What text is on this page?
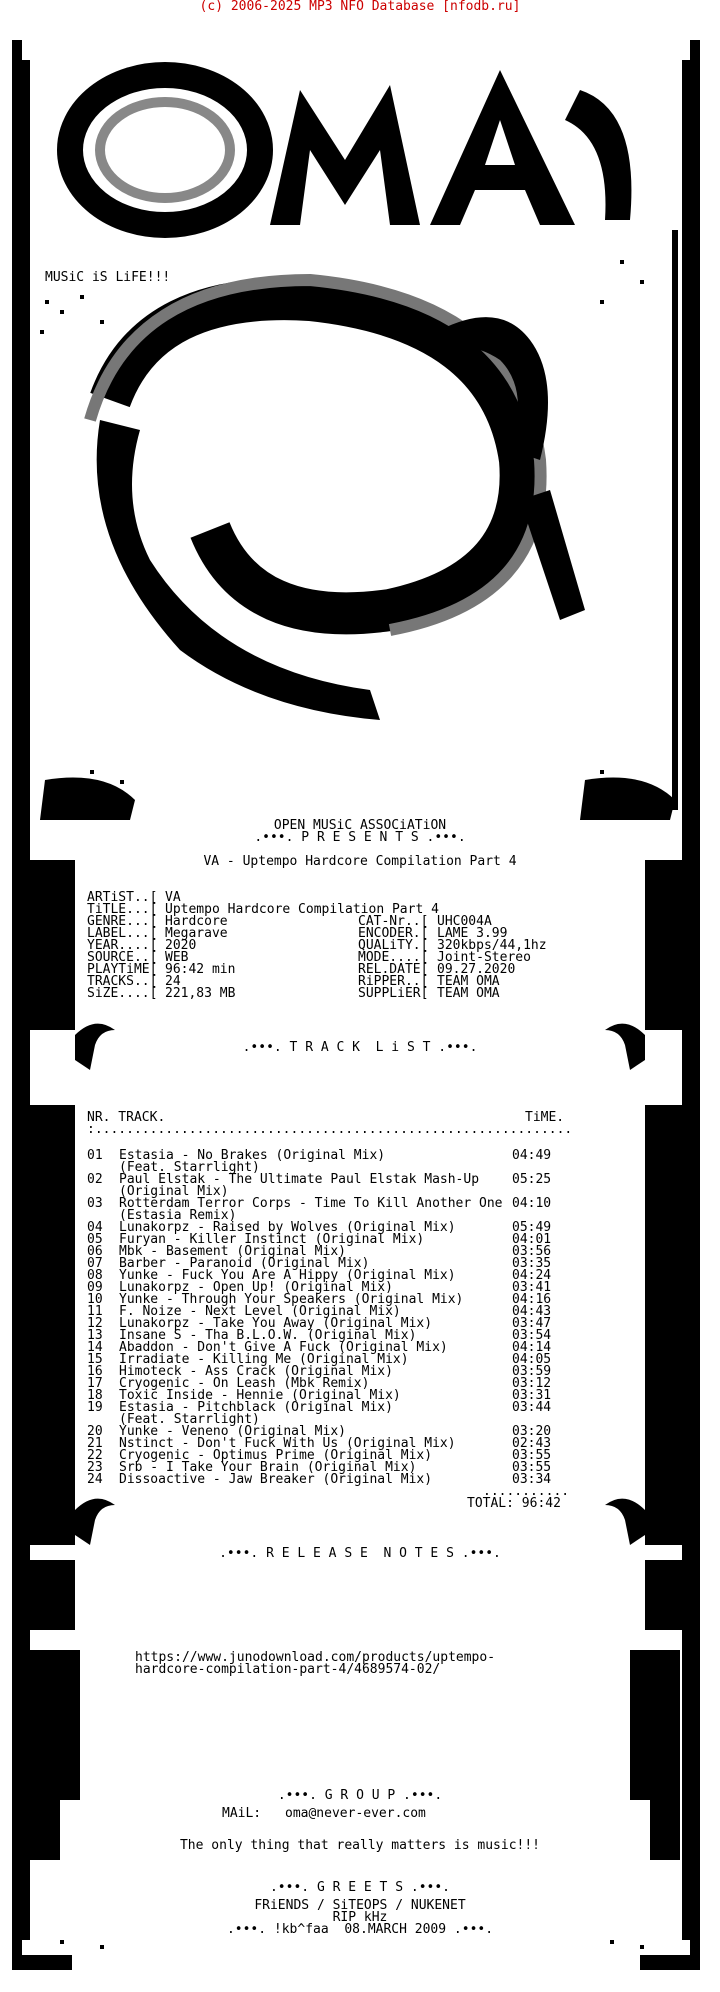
(c) 2006-2025 MP3 NFO Database [nfodb.ru]
MUSiC iS LiFE!!!
OPEN MUSiC ASSOCiATiON
.•••. P R E S E N T S .•••.
VA - Uptempo Hardcore Compilation Part 4
ARTiST..[ VA
TiTLE...[ Uptempo Hardcore Compilation Part 4
GENRE...[ Hardcore	CAT-Nr..[ UHC004A
LABEL...[ Megarave	ENCODER.[ LAME 3.99
YEAR....[ 2020	QUALiTY.[ 320kbps/44,1hz
SOURCE..[ WEB	MODE....[ Joint-Stereo
PLAYTiME[ 96:42 min	REL.DATE[ 09.27.2020
TRACKS..[ 24	RiPPER..[ TEAM OMA
SiZE....[ 221,83 MB	SUPPLiER[ TEAM OMA
.•••. T R A C K  L i S T .•••.
NR. TRACK.	TiME.
:.............................................................
01 Estasia - No Brakes (Original Mix)	04:49
(Feat. Starrlight)
02 Paul Elstak - The Ultimate Paul Elstak Mash-Up	05:25
(Original Mix)
03 Rotterdam Terror Corps - Time To Kill Another One 04:10
(Estasia Remix)
04 Lunakorpz - Raised by Wolves (Original Mix)	05:49
05 Furyan - Killer Instinct (Original Mix)	04:01
06 Mbk - Basement (Original Mix)	03:56
07 Barber - Paranoid (Original Mix)	03:35
08 Yunke - Fuck You Are A Hippy (Original Mix)	04:24
09 Lunakorpz - Open Up! (Original Mix)	03:41
10 Yunke - Through Your Speakers (Original Mix)	04:16
11 F. Noize - Next Level (Original Mix)	04:43
12 Lunakorpz - Take You Away (Original Mix)	03:47
13 Insane S - Tha B.L.O.W. (Original Mix)	03:54
14 Abaddon - Don't Give A Fuck (Original Mix)	04:14
15 Irradiate - Killing Me (Original Mix)	04:05
16 Himoteck - Ass Crack (Original Mix)	03:59
17 Cryogenic - On Leash (Mbk Remix)	03:12
18 Toxic Inside - Hennie (Original Mix)	03:31
19 Estasia - Pitchblack (Original Mix)	03:44
(Feat. Starrlight)
20 Yunke - Veneno (Original Mix)	03:20
21 Nstinct - Don't Fuck With Us (Original Mix)	02:43
22 Cryogenic - Optimus Prime (Original Mix)	03:55
23 Srb - I Take Your Brain (Original Mix)	03:55
24 Dissoactive - Jaw Breaker (Original Mix)	03:34
...........
TOTAL: 96:42
.•••. R E L E A S E  N O T E S .•••.
https://www.junodownload.com/products/uptempo-
hardcore-compilation-part-4/4689574-02/
.•••. G R O U P .•••.
MAiL: oma@never-ever.com
The only thing that really matters is music!!!
.•••. G R E E T S .•••.
FRiENDS / SiTEOPS / NUKENET
RIP kHz
.•••. !kb^faa  08.MARCH 2009 .•••.
